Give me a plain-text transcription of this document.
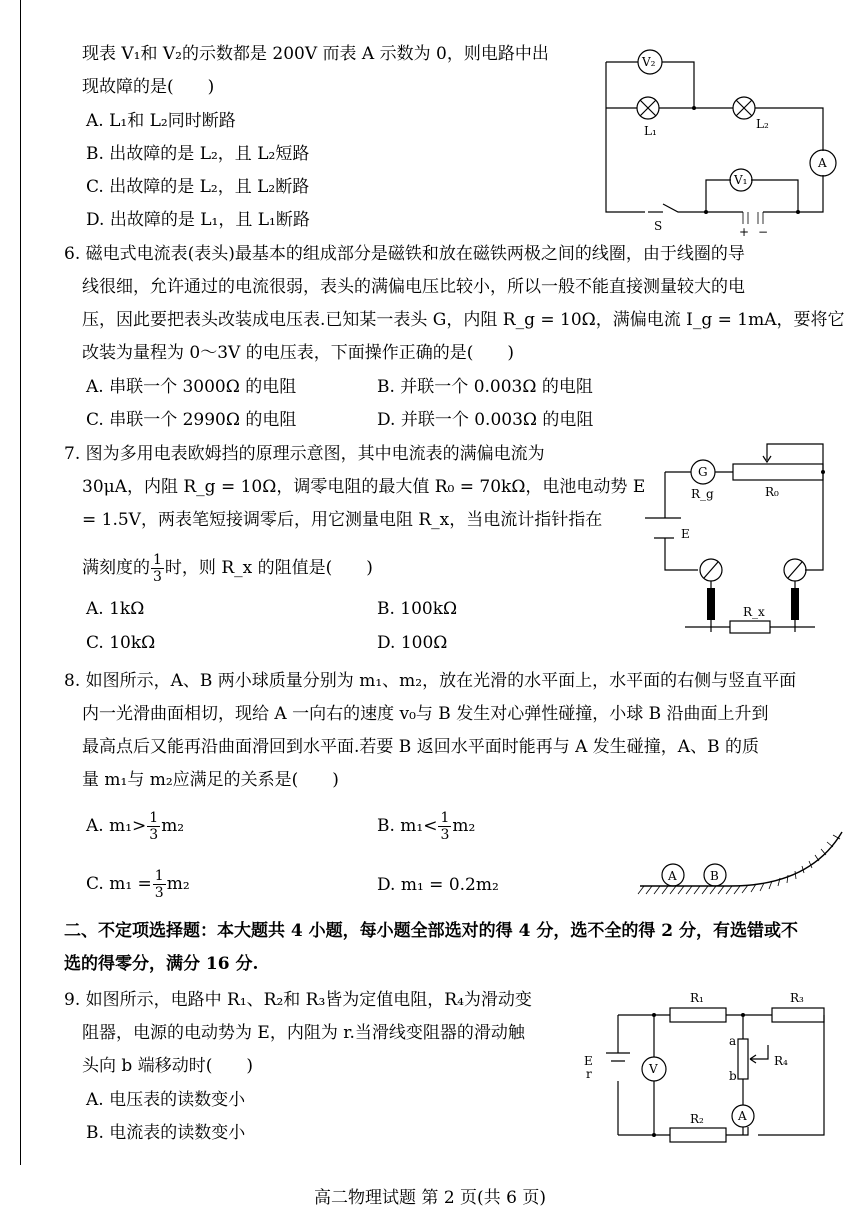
现表 V₁和 V₂的示数都是 200V 而表 A 示数为 0，则电路中出
现故障的是(　　)
A. L₁和 L₂同时断路
B. 出故障的是 L₂，且 L₂短路
C. 出故障的是 L₂，且 L₂断路
D. 出故障的是 L₁，且 L₁断路
V₂
L₁	L₂
A
V₁
S	+ −
6. 磁电式电流表(表头)最基本的组成部分是磁铁和放在磁铁两极之间的线圈，由于线圈的导
线很细，允许通过的电流很弱，表头的满偏电压比较小，所以一般不能直接测量较大的电
压，因此要把表头改装成电压表.已知某一表头 G，内阻 R_g = 10Ω，满偏电流 I_g = 1mA，要将它
改装为量程为 0～3V 的电压表，下面操作正确的是(　　)
A. 串联一个 3000Ω 的电阻	B. 并联一个 0.003Ω 的电阻
C. 串联一个 2990Ω 的电阻	D. 并联一个 0.003Ω 的电阻
7. 图为多用电表欧姆挡的原理示意图，其中电流表的满偏电流为
30μA，内阻 R_g = 10Ω，调零电阻的最大值 R₀ = 70kΩ，电池电动势 E
= 1.5V，两表笔短接调零后，用它测量电阻 R_x，当电流计指针指在
满刻度的 $\frac{1}{3}$ 时，则 R_x 的阻值是(　　)
A. 1kΩ	B. 100kΩ
C. 10kΩ	D. 100Ω
G
R_g	R₀
E
R_x
8. 如图所示，A、B 两小球质量分别为 m₁、m₂，放在光滑的水平面上，水平面的右侧与竖直平面
内一光滑曲面相切，现给 A 一向右的速度 v₀与 B 发生对心弹性碰撞，小球 B 沿曲面上升到
最高点后又能再沿曲面滑回到水平面.若要 B 返回水平面时能再与 A 发生碰撞，A、B 的质
量 m₁与 m₂应满足的关系是(　　)
A. $m_1> \frac{1}{3} m_2$	B. $m_1< \frac{1}{3} m_2$
C. $m_1 = \frac{1}{3} m_2$	D. m₁ = 0.2m₂	A	B
二、不定项选择题：本大题共 4 小题，每小题全部选对的得 4 分，选不全的得 2 分，有选错或不
选的得零分，满分 16 分.
9. 如图所示，电路中 R₁、R₂和 R₃皆为定值电阻，R₄为滑动变
阻器，电源的电动势为 E，内阻为 r.当滑线变阻器的滑动触
头向 b 端移动时(　　)
A. 电压表的读数变小
B. 电流表的读数变小
R₁	R₃
a
b
R₄
E
r	V
A
R₂
高二物理试题 第 2 页(共 6 页)
